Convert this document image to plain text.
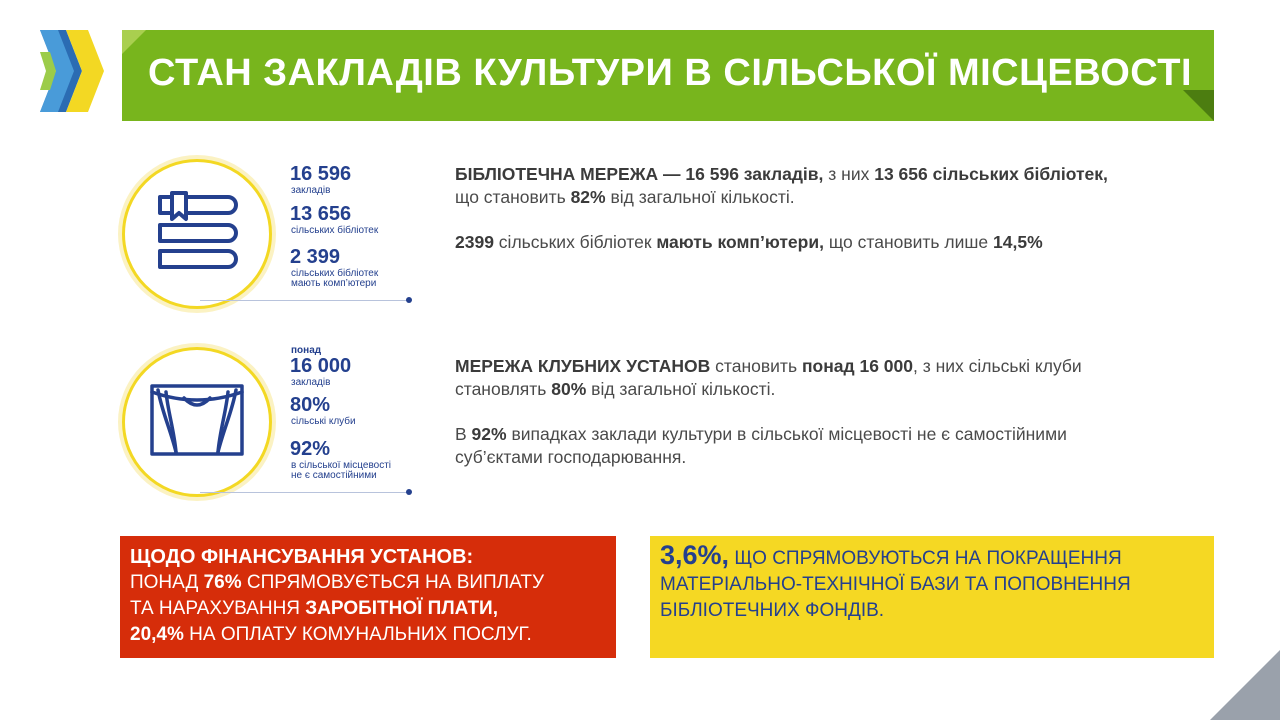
СТАН ЗАКЛАДІВ КУЛЬТУРИ В СІЛЬСЬКОЇ МІСЦЕВОСТІ
16 596
закладів
13 656
сільських бібліотек
2 399
сільських бібліотек
мають комп’ютери
БІБЛІОТЕЧНА МЕРЕЖА — 16 596 закладів, з них 13 656 сільських бібліотек,
що становить 82% від загальної кількості.
2399 сільських бібліотек мають комп’ютери, що становить лише 14,5%
понад
16 000
закладів
80%
сільські клуби
92%
в сільської місцевості
не є самостійними
МЕРЕЖА КЛУБНИХ УСТАНОВ становить понад 16 000, з них сільські клуби
становлять 80% від загальної кількості.
В 92% випадках заклади культури в сільської місцевості не є самостійними
суб’єктами господарювання.
ЩОДО ФІНАНСУВАННЯ УСТАНОВ:
ПОНАД 76% СПРЯМОВУЄТЬСЯ НА ВИПЛАТУ
ТА НАРАХУВАННЯ ЗАРОБІТНОЇ ПЛАТИ,
20,4% НА ОПЛАТУ КОМУНАЛЬНИХ ПОСЛУГ.
3,6%, ЩО СПРЯМОВУЮТЬСЯ НА ПОКРАЩЕННЯ
МАТЕРІАЛЬНО-ТЕХНІЧНОЇ БАЗИ ТА ПОПОВНЕННЯ
БІБЛІОТЕЧНИХ ФОНДІВ.
